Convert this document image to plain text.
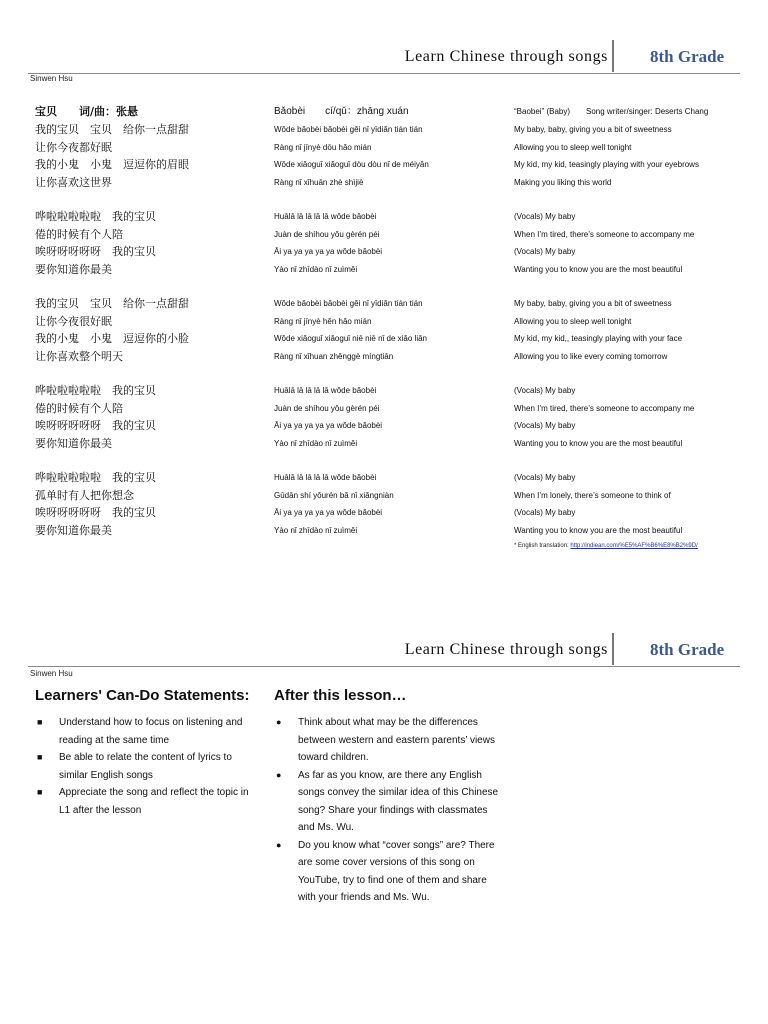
Learn Chinese through songs 8th Grade
Sinwen Hsu
宝贝　　词/曲：张悬	Bǎobèi　　cí/qǔ：zhāng xuán	“Baobei” (Baby)　　Song writer/singer: Deserts Chang
我的宝贝　宝贝　给你一点甜甜	Wǒde bǎobèi bǎobèi gěi nǐ yīdiǎn tián tián	My baby, baby, giving you a bit of sweetness
让你今夜都好眠	Ràng nǐ jīnyè dōu hǎo mián	Allowing you to sleep well tonight
我的小鬼　小鬼　逗逗你的眉眼	Wǒde xiǎoguǐ xiǎoguǐ dòu dòu nǐ de méiyǎn	My kid, my kid, teasingly playing with your eyebrows
让你喜欢这世界	Ràng nǐ xǐhuān zhè shìjiè	Making you liking this world
哗啦啦啦啦啦　我的宝贝	Huālā lā lā lā lā wǒde bǎobèi	(Vocals) My baby
倦的时候有个人陪	Juàn de shíhou yǒu gèrén péi	When I’m tired, there’s someone to accompany me
唉呀呀呀呀呀　我的宝贝	Āi ya ya ya ya ya wǒde bǎobèi	(Vocals) My baby
要你知道你最美	Yào nǐ zhīdào nǐ zuìměi	Wanting you to know you are the most beautiful
我的宝贝　宝贝　给你一点甜甜	Wǒde bǎobèi bǎobèi gěi nǐ yīdiǎn tián tián	My baby, baby, giving you a bit of sweetness
让你今夜很好眠	Ràng nǐ jīnyè hěn hǎo mián	Allowing you to sleep well tonight
我的小鬼　小鬼　逗逗你的小脸	Wǒde xiǎoguǐ xiǎoguǐ niē niē nǐ de xiǎo liǎn	My kid, my kid,, teasingly playing with your face
让你喜欢整个明天	Ràng nǐ xǐhuan zhěnggè míngtiān	Allowing you to like every coming tomorrow
哗啦啦啦啦啦　我的宝贝	Huālā lā lā lā lā wǒde bǎobèi	(Vocals) My baby
倦的时候有个人陪	Juàn de shíhou yǒu gèrén péi	When I’m tired, there’s someone to accompany me
唉呀呀呀呀呀　我的宝贝	Āi ya ya ya ya ya wǒde bǎobèi	(Vocals) My baby
要你知道你最美	Yào nǐ zhīdào nǐ zuìměi	Wanting you to know you are the most beautiful
哗啦啦啦啦啦　我的宝贝	Huālā lā lā lā lā wǒde bǎobèi	(Vocals) My baby
孤单时有人把你想念	Gūdān shí yǒurén bǎ nǐ xiǎngniàn	When I’m lonely, there’s someone to think of
唉呀呀呀呀呀　我的宝贝	Āi ya ya ya ya ya wǒde bǎobèi	(Vocals) My baby
要你知道你最美	Yào nǐ zhīdào nǐ zuìměi	Wanting you to know you are the most beautiful
* English translation: http://indiean.com/%E5%AF%B6%E8%B2%9D/
Learn Chinese through songs 8th Grade
Sinwen Hsu
Learners' Can-Do Statements:
■ Understand how to focus on listening and reading at the same time
■ Be able to relate the content of lyrics to similar English songs
■ Appreciate the song and reflect the topic in L1 after the lesson
After this lesson…
● Think about what may be the differences between western and eastern parents’ views toward children.
● As far as you know, are there any English songs convey the similar idea of this Chinese song? Share your findings with classmates and Ms. Wu.
● Do you know what “cover songs” are? There are some cover versions of this song on YouTube, try to find one of them and share with your friends and Ms. Wu.
